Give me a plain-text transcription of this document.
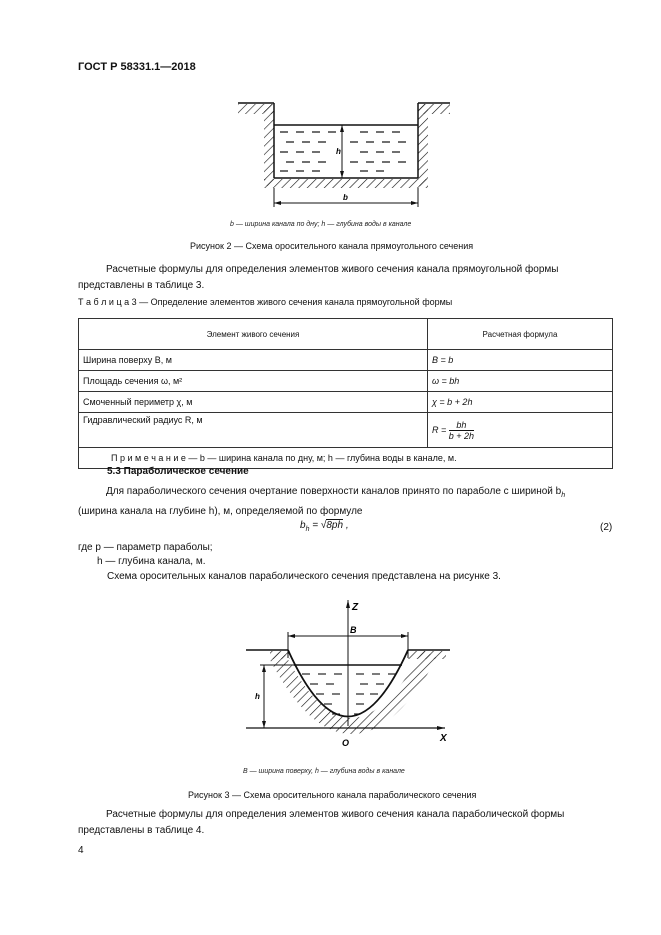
ГОСТ Р 58331.1—2018
h
b
b — ширина канала по дну; h — глубина воды в канале
Рисунок 2 — Схема оросительного канала прямоугольного сечения
Расчетные формулы для определения элементов живого сечения канала прямоугольной формы представлены в таблице 3.
Т а б л и ц а 3 — Определение элементов живого сечения канала прямоугольной формы
Элемент живого сечения	Расчетная формула
Ширина поверху B, м	B = b
Площадь сечения ω, м²	ω = bh
Смоченный периметр χ, м	χ = b + 2h
Гидравлический радиус R, м	$R = \frac{bh}{b + 2h}$

П р и м е ч а н и е — b — ширина канала по дну, м; h — глубина воды в канале, м.	
5.3 Параболическое сечение
Для параболического сечения очертание поверхности каналов принято по параболе с шириной $b_h$
(ширина канала на глубине h), м, определяемой по формуле
$b_h = √8ph$ ,	(2)
где p — параметр параболы;
h — глубина канала, м.
Схема оросительных каналов параболического сечения представлена на рисунке 3.
Z
B
h
X
O
B — ширина поверху, h — глубина воды в канале
Рисунок 3 — Схема оросительного канала параболического сечения
Расчетные формулы для определения элементов живого сечения канала параболической формы представлены в таблице 4.
4
